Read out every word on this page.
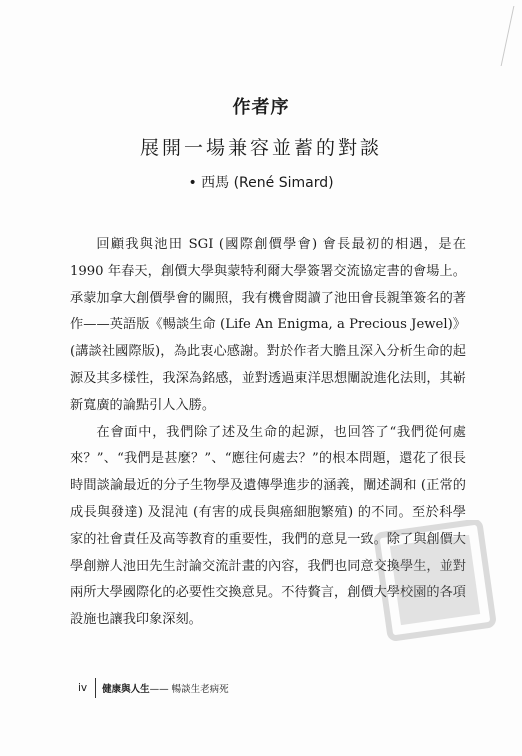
作者序
展開一場兼容並蓄的對談
• 西馬 (René Simard)

回顧我與池田 SGI (國際創價學會) 會長最初的相遇，是在 1990 年春天，創價大學與蒙特利爾大學簽署交流協定書的會場上。承蒙加拿大創價學會的關照，我有機會閱讀了池田會長親筆簽名的著作——英語版《暢談生命 (Life An Enigma, a Precious Jewel)》(講談社國際版)，為此衷心感謝。對於作者大膽且深入分析生命的起源及其多樣性，我深為銘感，並對透過東洋思想闡說進化法則，其嶄新寬廣的論點引人入勝。

在會面中，我們除了述及生命的起源，也回答了“我們從何處來？”、“我們是甚麼？”、“應往何處去？”的根本問題，還花了很長時間談論最近的分子生物學及遺傳學進步的涵義，闡述調和 (正常的成長與發達) 及混沌 (有害的成長與癌細胞繁殖) 的不同。至於科學家的社會責任及高等教育的重要性，我們的意見一致。除了與創價大學創辦人池田先生討論交流計畫的內容，我們也同意交換學生，並對兩所大學國際化的必要性交換意見。不待贅言，創價大學校園的各項設施也讓我印象深刻。

iv 健康與人生 —— 暢談生老病死
